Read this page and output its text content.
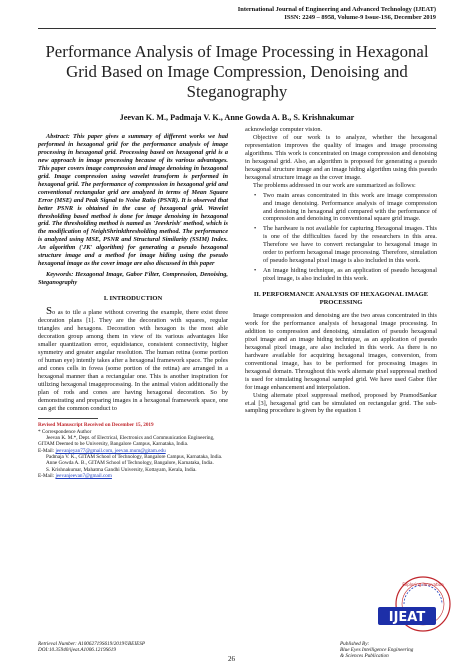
International Journal of Engineering and Advanced Technology (IJEAT)
ISSN: 2249 – 8958, Volume-9 Issue-1S6, December 2019
Performance Analysis of Image Processing in Hexagonal Grid Based on Image Compression, Denoising and Steganography
Jeevan K. M., Padmaja V. K., Anne Gowda A. B., S. Krishnakumar
Abstract: This paper gives a summary of different works we had performed in hexagonal grid for the performance analysis of image processing in hexagonal grid. Processing based on hexagonal grid is a new approach in image processing because of its various advantages. This paper covers image compression and image denoising in hexagonal grid. Image compression using wavelet transform is performed in hexagonal grid. The performance of compression in hexagonal grid and conventional rectangular grid are analyzed in terms of Mean Square Error (MSE) and Peak Signal to Noise Ratio (PSNR). It is observed that better PSNR is obtained in the case of hexagonal grid. Wavelet thresholding based method is done for image denoising in hexagonal grid. The thresholding method is named as 'Jeevkrish' method, which is the modification of NeighShrinkthresholding method. The performance is analyzed using MSE, PSNR and Structural Similarity (SSIM) Index. An algorithm ('JK' algorithm) for generating a pseudo hexagonal structure image and a method for image hiding using the pseudo hexagonal image as the cover image are also discussed in this paper
Keywords: Hexagonal Image, Gabor Filter, Compression, Denoising, Steganography
I. INTRODUCTION
So as to tile a plane without covering the example, there exist three decoration plans [1]. They are the decoration with squares, regular triangles and hexagons. Decoration with hexagon is the most able decoration group among them in view of its various advantages like smaller quantization error, equidistance, consistent connectivity, higher symmetry and greater angular resolution. The human retina (some portion of human eye) intently takes after a hexagonal framework space. The poles and cones cells in fovea (some portion of the retina) are arranged in a hexagonal manner than a rectangular one. This is another inspiration for utilizing hexagonal imageprocessing. In the animal vision additionally the plan of rods and cones are having hexagonal decoration. So by demonstrating and preparing images in a hexagonal framework space, one can get the common conduct to
Revised Manuscript Received on December 15, 2019
* Correspondence Author
Jeevan K. M.*, Dept. of Electrical, Electronics and Communication Engineering, GITAM Deemed to be University, Bangalore Campus, Karnataka, India.
E-Mail: jeevanjeyan77@gmail.com, jeevan.mum@gitam.edu
Padmaja V. K., GITAM School of Technology, Bangalore Campus, Karnataka, India.
Anne Gowda A. B., GITAM School of Technology, Bangalore, Karnataka, India.
S. Krishnakumar, Mahatma Gandhi University, Kottayam, Kerala, India.
E-Mail: jeevanjeevan7@gmail.com
acknowledge computer vision.
Objective of our work is to analyze, whether the hexagonal representation improves the quality of images and image processing algorithms. This work is concentrated on image compression and denoising in hexagonal grid. Also, an algorithm is proposed for generating a pseudo hexagonal structure image and an image hiding algorithm using this pseudo hexagonal structure image as the cover image.
The problems addressed in our work are summarized as follows:
• Two main areas concentrated in this work are image compression and image denoising. Performance analysis of image compression and denoising in hexagonal grid compared with the performance of compression and denoising in conventional square grid image.
• The hardware is not available for capturing Hexagonal images. This is one of the difficulties faced by the researchers in this area. Therefore we have to convert rectangular to hexagonal image in order to perform hexagonal image processing. Therefore, simulation of pseudo hexagonal pixel image is also included in this work.
• An image hiding technique, as an application of pseudo hexagonal pixel image, is also included in this work.
II. PERFORMANCE ANALYSIS OF HEXAGONAL IMAGE PROCESSING
Image compression and denoising are the two areas concentrated in this work for the performance analysis of hexagonal image processing. In addition to compression and denoising, simulation of pseudo hexagonal pixel image and an image hiding technique, as an application of pseudo hexagonal pixel image, are also included in this work. As there is no hardware available for acquiring hexagonal images, conversion, from conventional image, has to be performed for processing images in hexagonal domain. Throughout this work alternate pixel suppressal method is used for simulating hexagonal sampled grid. We have used Gabor filer for image enhancement and interpolation.
Using alternate pixel suppressal method, proposed by PramodSankar et.al [3], hexagonal grid can be simulated on rectangular grid. The sub-sampling procedure is given by the equation 1
Retrieval Number: A10062719S619/2019©BEIESP
DOI:10.35940/ijeat.A1006.1219S619
26
Published By:
Blue Eyes Intelligence Engineering
& Sciences Publication
Exploring Innovation
IJEAT
